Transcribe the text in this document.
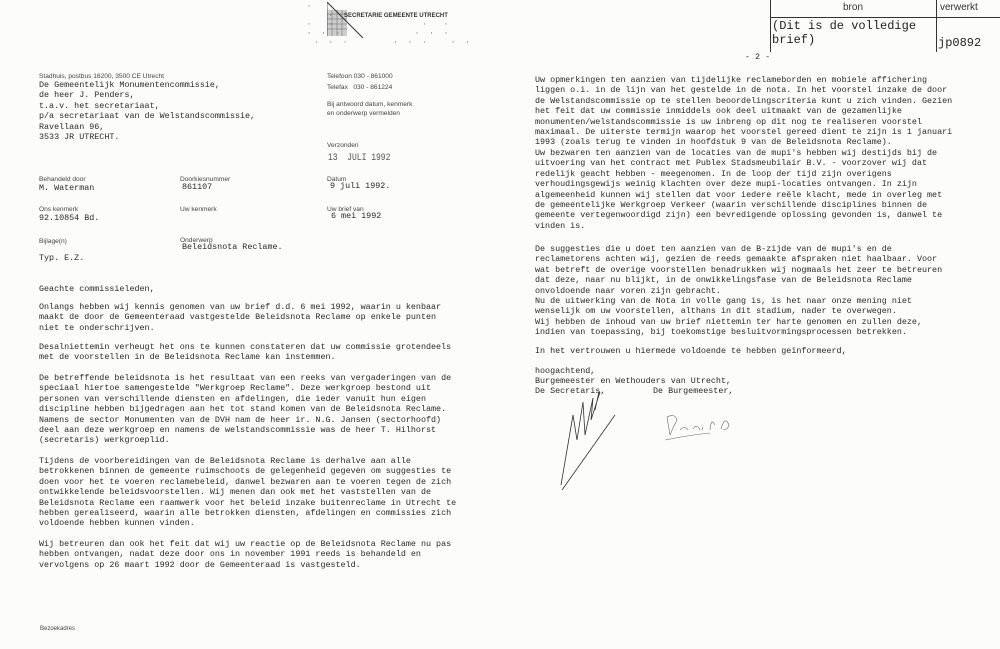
SECRETARIE GEMEENTE UTRECHT
·  ·
·
·  ·            ·  ·
· · ·          · · ·
· · ·      · · ·   · ·
Stadhuis, postbus 16200, 3500 CE Utrecht
De Gemeentelijk Monumentencommissie,
de heer J. Penders,
t.a.v. het secretariaat,
p/a secretariaat van de Welstandscommissie,
Ravellaan 96,
3533 JR UTRECHT.
Telefoon 030 - 861000
Telefax   030 - 861224
Bij antwoord datum, kenmerk
en onderwerp vermelden
Verzonden
13  JULI 1992
Behandeld door
M. Waterman
Doorkiesnummer
861107
Datum
9 juli 1992.
Ons kenmerk
92.10854 Bd.
Uw kenmerk	Uw brief van
6 mei 1992
Bijlage(n)	Onderwerp
Beleidsnota Reclame.
Typ. E.Z.
Geachte commissieleden,
Onlangs hebben wij kennis genomen van uw brief d.d. 6 mei 1992, waarin u kenbaar
maakt de door de Gemeenteraad vastgestelde Beleidsnota Reclame op enkele punten
niet te onderschrijven.
Desalniettemin verheugt het ons te kunnen constateren dat uw commissie grotendeels
met de voorstellen in de Beleidsnota Reclame kan instemmen.
De betreffende beleidsnota is het resultaat van een reeks van vergaderingen van de
speciaal hiertoe samengestelde "Werkgroep Reclame". Deze werkgroep bestond uit
personen van verschillende diensten en afdelingen, die ieder vanuit hun eigen
discipline hebben bijgedragen aan het tot stand komen van de Beleidsnota Reclame.
Namens de sector Monumenten van de DVH nam de heer ir. N.G. Jansen (sectorhoofd)
deel aan deze werkgroep en namens de welstandscommissie was de heer T. Hilhorst
(secretaris) werkgroeplid.
Tijdens de voorbereidingen van de Beleidsnota Reclame is derhalve aan alle
betrokkenen binnen de gemeente ruimschoots de gelegenheid gegeven om suggesties te
doen voor het te voeren reclamebeleid, danwel bezwaren aan te voeren tegen de zich
ontwikkelende beleidsvoorstellen. Wij menen dan ook met het vaststellen van de
Beleidsnota Reclame een raamwerk voor het beleid inzake buitenreclame in Utrecht te
hebben gerealiseerd, waarin alle betrokken diensten, afdelingen en commissies zich
voldoende hebben kunnen vinden.
Wij betreuren dan ook het feit dat wij uw reactie op de Beleidsnota Reclame nu pas
hebben ontvangen, nadat deze door ons in november 1991 reeds is behandeld en
vervolgens op 26 maart 1992 door de Gemeenteraad is vastgesteld.
Bezoekadres
bron	verwerkt
(Dit is de volledige
brief)	jp0892
- 2 -
Uw opmerkingen ten aanzien van tijdelijke reclameborden en mobiele affichering
liggen o.i. in de lijn van het gestelde in de nota. In het voorstel inzake de door
de Welstandscommissie op te stellen beoordelingscriteria kunt u zich vinden. Gezien
het feit dat uw commissie inmiddels ook deel uitmaakt van de gezamenlijke
monumenten/welstandscommissie is uw inbreng op dit nog te realiseren voorstel
maximaal. De uiterste termijn waarop het voorstel gereed dient te zijn is 1 januari
1993 (zoals terug te vinden in hoofdstuk 9 van de Beleidsnota Reclame).
Uw bezwaren ten aanzien van de locaties van de mupi's hebben wij destijds bij de
uitvoering van het contract met Publex Stadsmeubilair B.V. - voorzover wij dat
redelijk geacht hebben - meegenomen. In de loop der tijd zijn overigens
verhoudingsgewijs weinig klachten over deze mupi-locaties ontvangen. In zijn
algemeenheid kunnen wij stellen dat voor iedere reële klacht, mede in overleg met
de gemeentelijke Werkgroep Verkeer (waarin verschillende disciplines binnen de
gemeente vertegenwoordigd zijn) een bevredigende oplossing gevonden is, danwel te
vinden is.
De suggesties die u doet ten aanzien van de B-zijde van de mupi's en de
reclametorens achten wij, gezien de reeds gemaakte afspraken niet haalbaar. Voor
wat betreft de overige voorstellen benadrukken wij nogmaals het zeer te betreuren
dat deze, naar nu blijkt, in de onwikkelingsfase van de Beleidsnota Reclame
onvoldoende naar voren zijn gebracht.
Nu de uitwerking van de Nota in volle gang is, is het naar onze mening niet
wenselijk om uw voorstellen, althans in dit stadium, nader te overwegen.
Wij hebben de inhoud van uw brief niettemin ter harte genomen en zullen deze,
indien van toepassing, bij toekomstige besluitvormingsprocessen betrekken.
In het vertrouwen u hiermede voldoende te hebben geïnformeerd,
hoogachtend,
Burgemeester en Wethouders van Utrecht,
De Secretaris,	De Burgemeester,
